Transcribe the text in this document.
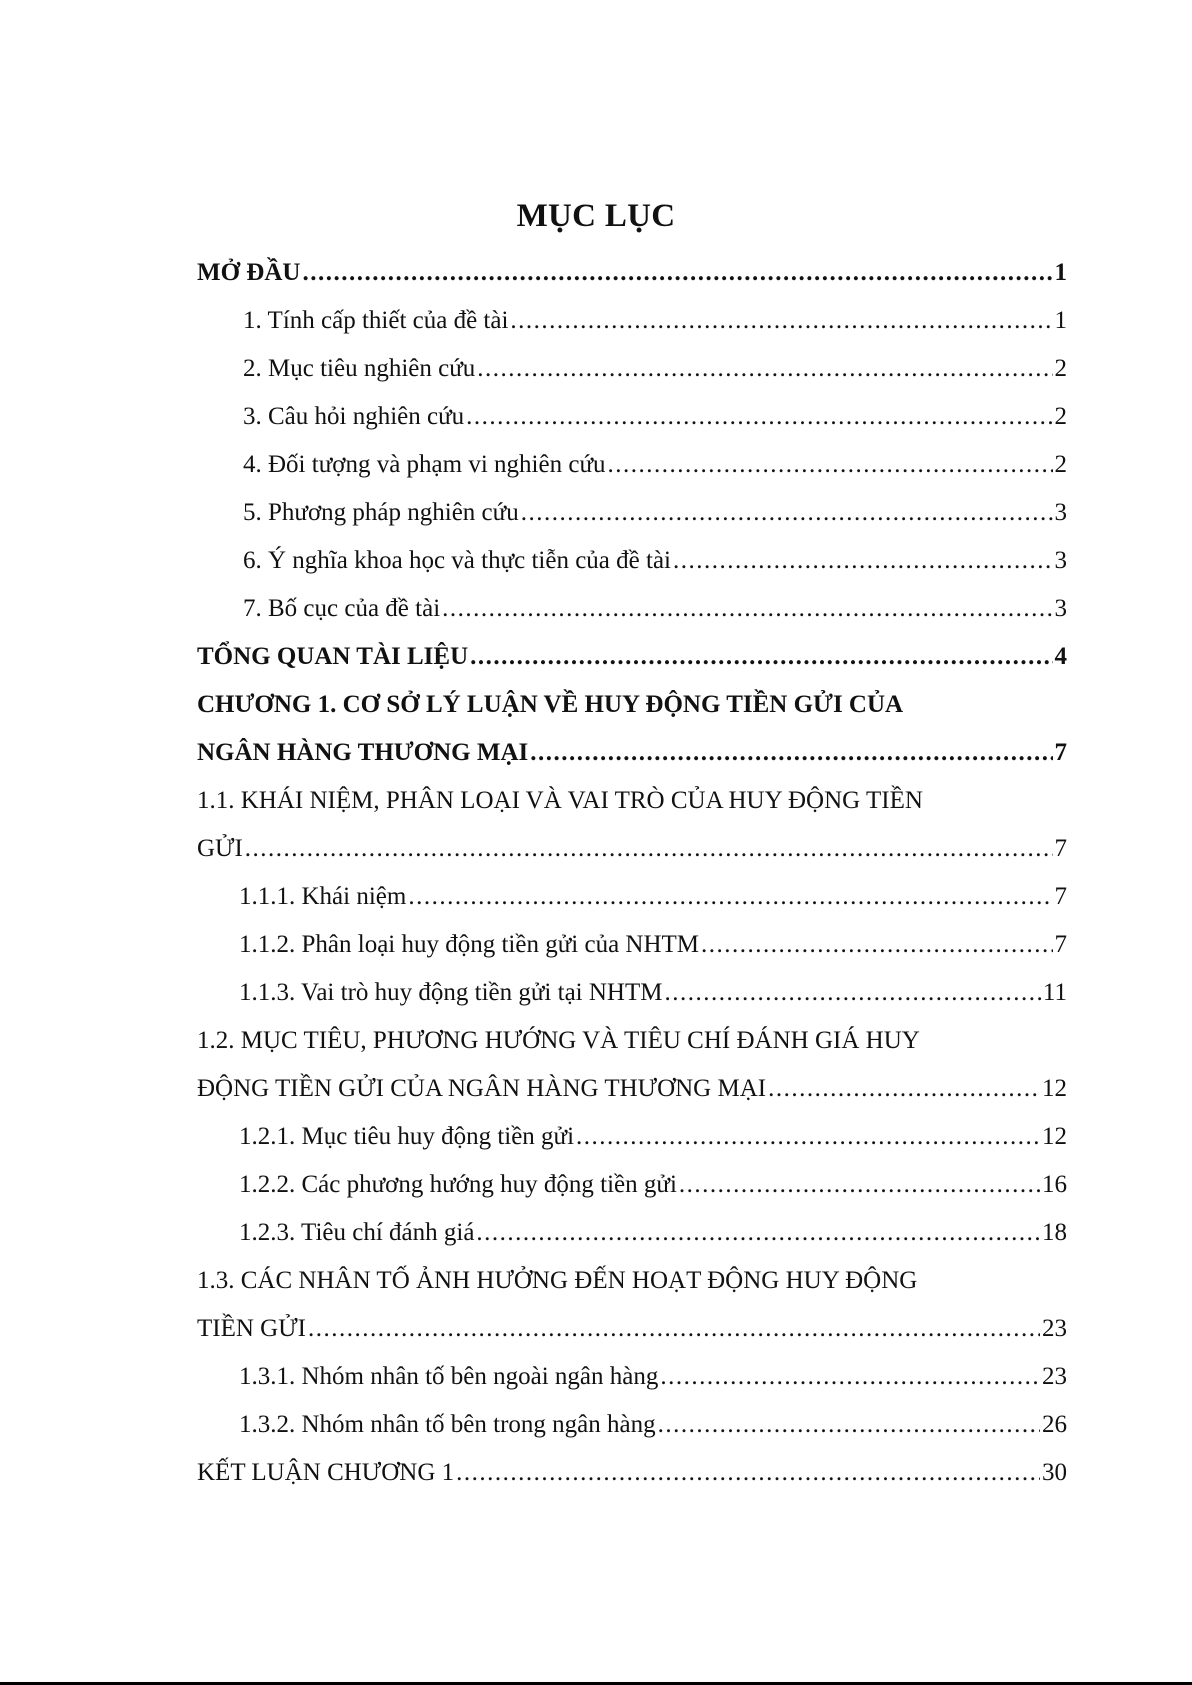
MỤC LỤC
MỞ ĐẦU .....	1
1. Tính cấp thiết của đề tài .....	1
2. Mục tiêu nghiên cứu .....	2
3. Câu hỏi nghiên cứu .....	2
4. Đối tượng và phạm vi nghiên cứu .....	2
5. Phương pháp nghiên cứu .....	3
6. Ý nghĩa khoa học và thực tiễn của đề tài .....	3
7. Bố cục của đề tài .....	3
TỔNG QUAN TÀI LIỆU .....	4
CHƯƠNG 1. CƠ SỞ LÝ LUẬN VỀ HUY ĐỘNG TIỀN GỬI CỦA
NGÂN HÀNG THƯƠNG MẠI .....	7
1.1. KHÁI NIỆM, PHÂN LOẠI VÀ VAI TRÒ CỦA HUY ĐỘNG TIỀN
GỬI .....	7
1.1.1. Khái niệm .....	7
1.1.2. Phân loại huy động tiền gửi của NHTM .....	7
1.1.3. Vai trò huy động tiền gửi tại NHTM .....	11
1.2. MỤC TIÊU, PHƯƠNG HƯỚNG VÀ TIÊU CHÍ ĐÁNH GIÁ HUY
ĐỘNG TIỀN GỬI CỦA NGÂN HÀNG THƯƠNG MẠI .....	12
1.2.1. Mục tiêu huy động tiền gửi .....	12
1.2.2. Các phương hướng huy động tiền gửi .....	16
1.2.3. Tiêu chí đánh giá .....	18
1.3. CÁC NHÂN TỐ ẢNH HƯỞNG ĐẾN HOẠT ĐỘNG HUY ĐỘNG
TIỀN GỬI .....	23
1.3.1. Nhóm nhân tố bên ngoài ngân hàng .....	23
1.3.2. Nhóm nhân tố bên trong ngân hàng .....	26
KẾT LUẬN CHƯƠNG 1 .....	30
